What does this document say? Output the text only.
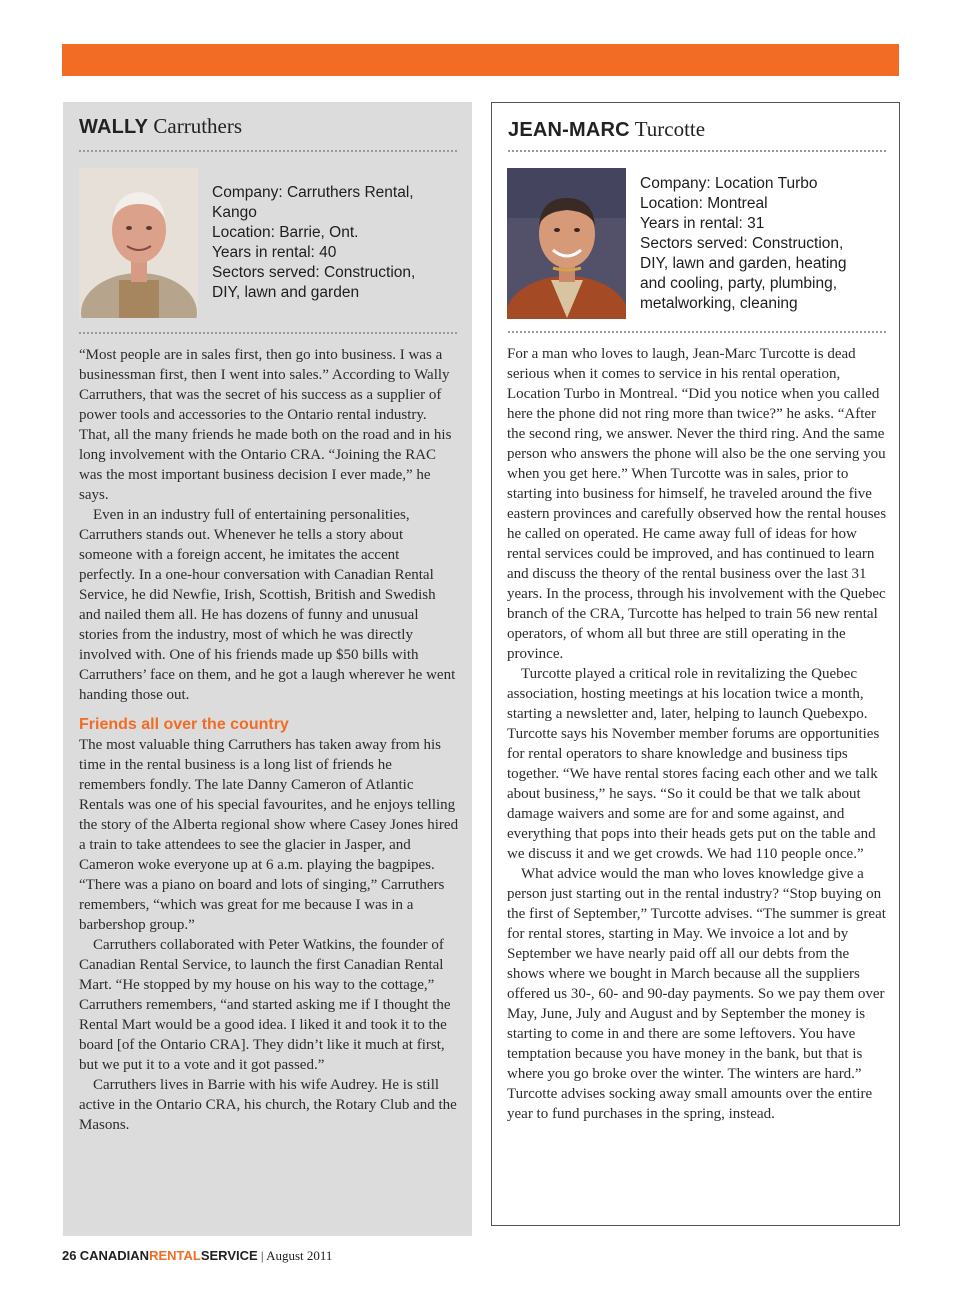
WALLY Carruthers
Company: Carruthers Rental,
Kango
Location: Barrie, Ont.
Years in rental: 40
Sectors served: Construction,
DIY, lawn and garden

“Most people are in sales first, then go into business. I was a businessman first, then I went into sales.” According to Wally Carruthers, that was the secret of his success as a supplier of power tools and accessories to the Ontario rental industry. That, all the many friends he made both on the road and in his long involvement with the Ontario CRA. “Joining the RAC was the most important business decision I ever made,” he says.

Even in an industry full of entertaining personalities, Carruthers stands out. Whenever he tells a story about someone with a foreign accent, he imitates the accent perfectly. In a one-hour conversation with Canadian Rental Service, he did Newfie, Irish, Scottish, British and Swedish and nailed them all. He has dozens of funny and unusual stories from the industry, most of which he was directly involved with. One of his friends made up $50 bills with Carruthers’ face on them, and he got a laugh wherever he went handing those out.

Friends all over the country

The most valuable thing Carruthers has taken away from his time in the rental business is a long list of friends he remembers fondly. The late Danny Cameron of Atlantic Rentals was one of his special favourites, and he enjoys telling the story of the Alberta regional show where Casey Jones hired a train to take attendees to see the glacier in Jasper, and Cameron woke everyone up at 6 a.m. playing the bagpipes. “There was a piano on board and lots of singing,” Carruthers remembers, “which was great for me because I was in a barbershop group.”

Carruthers collaborated with Peter Watkins, the founder of Canadian Rental Service, to launch the first Canadian Rental Mart. “He stopped by my house on his way to the cottage,” Carruthers remembers, “and started asking me if I thought the Rental Mart would be a good idea. I liked it and took it to the board [of the Ontario CRA]. They didn’t like it much at first, but we put it to a vote and it got passed.”

Carruthers lives in Barrie with his wife Audrey. He is still active in the Ontario CRA, his church, the Rotary Club and the Masons.

JEAN-MARC Turcotte
Company: Location Turbo
Location: Montreal
Years in rental: 31
Sectors served: Construction,
DIY, lawn and garden, heating
and cooling, party, plumbing,
metalworking, cleaning

For a man who loves to laugh, Jean-Marc Turcotte is dead serious when it comes to service in his rental operation, Location Turbo in Montreal. “Did you notice when you called here the phone did not ring more than twice?” he asks. “After the second ring, we answer. Never the third ring. And the same person who answers the phone will also be the one serving you when you get here.” When Turcotte was in sales, prior to starting into business for himself, he traveled around the five eastern provinces and carefully observed how the rental houses he called on operated. He came away full of ideas for how rental services could be improved, and has continued to learn and discuss the theory of the rental business over the last 31 years. In the process, through his involvement with the Quebec branch of the CRA, Turcotte has helped to train 56 new rental operators, of whom all but three are still operating in the province.

Turcotte played a critical role in revitalizing the Quebec association, hosting meetings at his location twice a month, starting a newsletter and, later, helping to launch Quebexpo. Turcotte says his November member forums are opportunities for rental operators to share knowledge and business tips together. “We have rental stores facing each other and we talk about business,” he says. “So it could be that we talk about damage waivers and some are for and some against, and everything that pops into their heads gets put on the table and we discuss it and we get crowds. We had 110 people once.”

What advice would the man who loves knowledge give a person just starting out in the rental industry? “Stop buying on the first of September,” Turcotte advises. “The summer is great for rental stores, starting in May. We invoice a lot and by September we have nearly paid off all our debts from the shows where we bought in March because all the suppliers offered us 30-, 60- and 90-day payments. So we pay them over May, June, July and August and by September the money is starting to come in and there are some leftovers. You have temptation because you have money in the bank, but that is where you go broke over the winter. The winters are hard.” Turcotte advises socking away small amounts over the entire year to fund purchases in the spring, instead.

26 CANADIANRENTALSERVICE | August 2011
